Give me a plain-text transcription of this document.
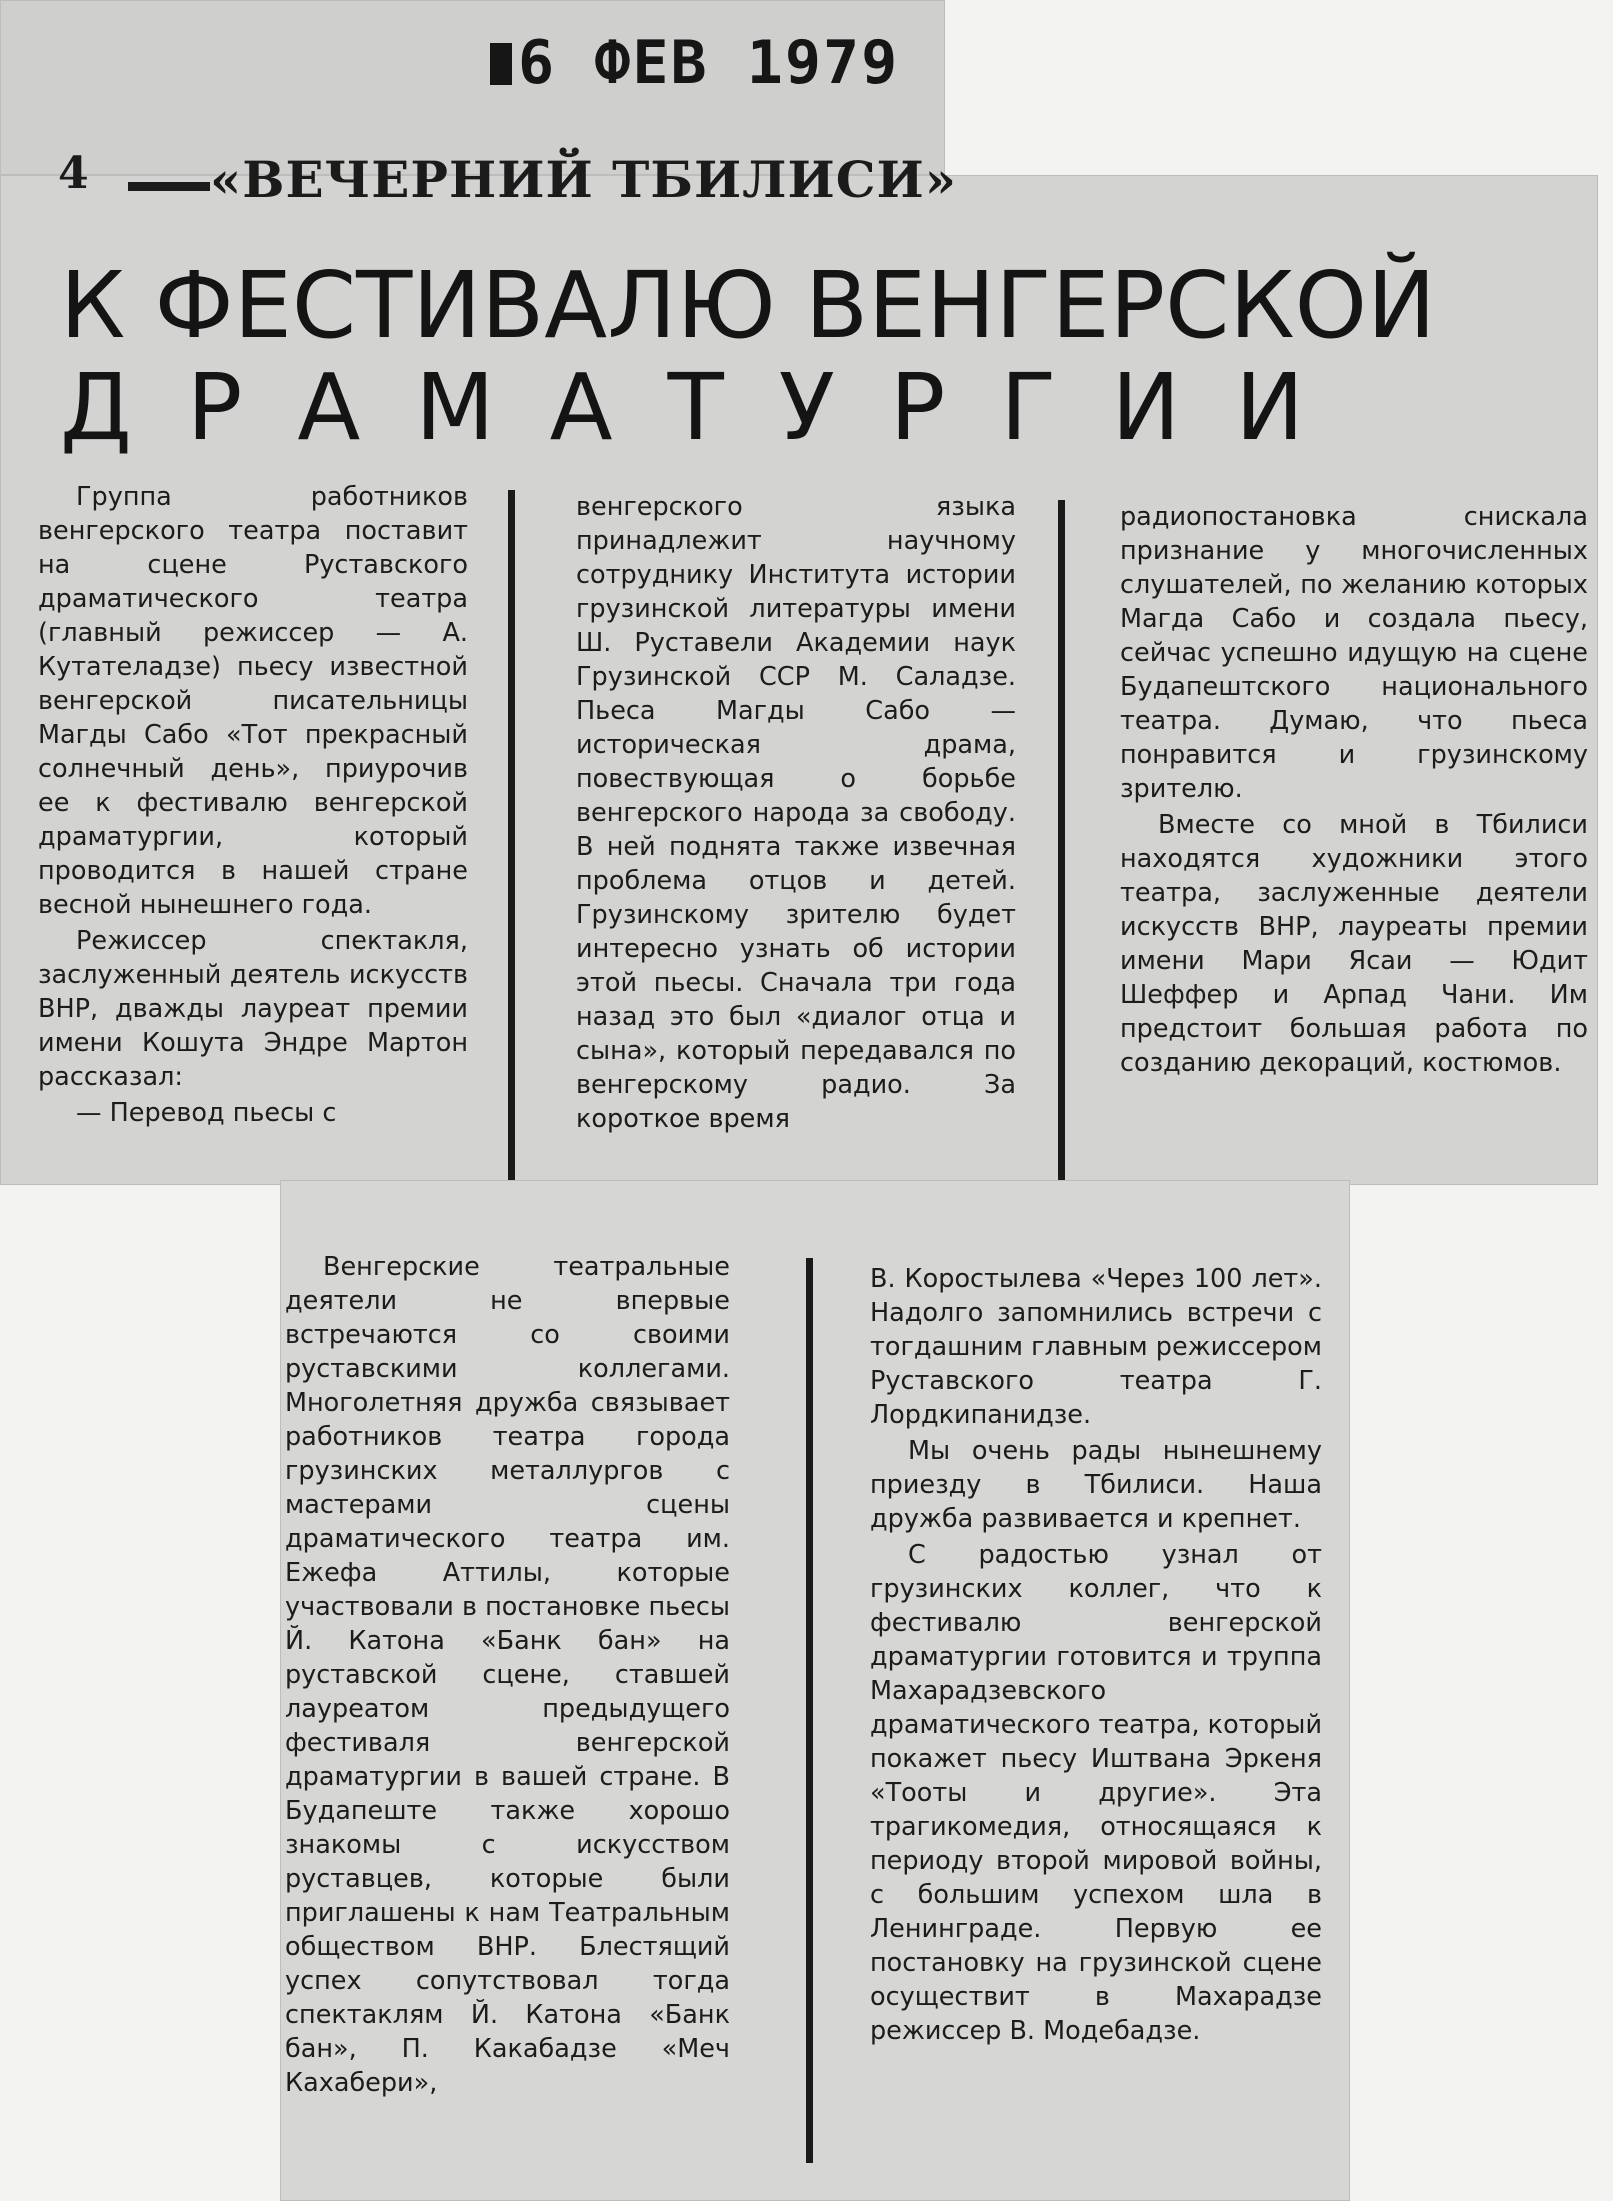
6 ФЕВ 1979
4 «ВЕЧЕРНИЙ ТБИЛИСИ»
К ФЕСТИВАЛЮ ВЕНГЕРСКОЙ
ДРАМАТУРГИИ

Группа работников венгерского театра поставит на сцене Руставского драматического театра (главный режиссер — А. Кутателадзе) пьесу известной венгерской писательницы Магды Сабо «Тот прекрасный солнечный день», приурочив ее к фестивалю венгерской драматургии, который проводится в нашей стране весной нынешнего года.

Режиссер спектакля, заслуженный деятель искусств ВНР, дважды лауреат премии имени Кошута Эндре Мартон рассказал:

— Перевод пьесы с

венгерского языка принадлежит научному сотруднику Института истории грузинской литературы имени Ш. Руставели Академии наук Грузинской ССР М. Саладзе. Пьеса Магды Сабо — историческая драма, повествующая о борьбе венгерского народа за свободу. В ней поднята также извечная проблема отцов и детей. Грузинскому зрителю будет интересно узнать об истории этой пьесы. Сначала три года назад это был «диалог отца и сына», который передавался по венгерскому радио. За короткое время

радиопостановка снискала признание у многочисленных слушателей, по желанию которых Магда Сабо и создала пьесу, сейчас успешно идущую на сцене Будапештского национального театра. Думаю, что пьеса понравится и грузинскому зрителю.

Вместе со мной в Тбилиси находятся художники этого театра, заслуженные деятели искусств ВНР, лауреаты премии имени Мари Ясаи — Юдит Шеффер и Арпад Чани. Им предстоит большая работа по созданию декораций, костюмов.

Венгерские театральные деятели не впервые встречаются со своими руставскими коллегами. Многолетняя дружба связывает работников театра города грузинских металлургов с мастерами сцены драматического театра им. Ежефа Аттилы, которые участвовали в постановке пьесы Й. Катона «Банк бан» на руставской сцене, ставшей лауреатом предыдущего фестиваля венгерской драматургии в вашей стране. В Будапеште также хорошо знакомы с искусством руставцев, которые были приглашены к нам Театральным обществом ВНР. Блестящий успех сопутствовал тогда спектаклям Й. Катона «Банк бан», П. Какабадзе «Меч Кахабери»,

В. Коростылева «Через 100 лет». Надолго запомнились встречи с тогдашним главным режиссером Руставского театра Г. Лордкипанидзе.

Мы очень рады нынешнему приезду в Тбилиси. Наша дружба развивается и крепнет.

С радостью узнал от грузинских коллег, что к фестивалю венгерской драматургии готовится и труппа Махарадзевского драматического театра, который покажет пьесу Иштвана Эркеня «Тооты и другие». Эта трагикомедия, относящаяся к периоду второй мировой войны, с большим успехом шла в Ленинграде. Первую ее постановку на грузинской сцене осуществит в Махарадзе режиссер В. Модебадзе.
